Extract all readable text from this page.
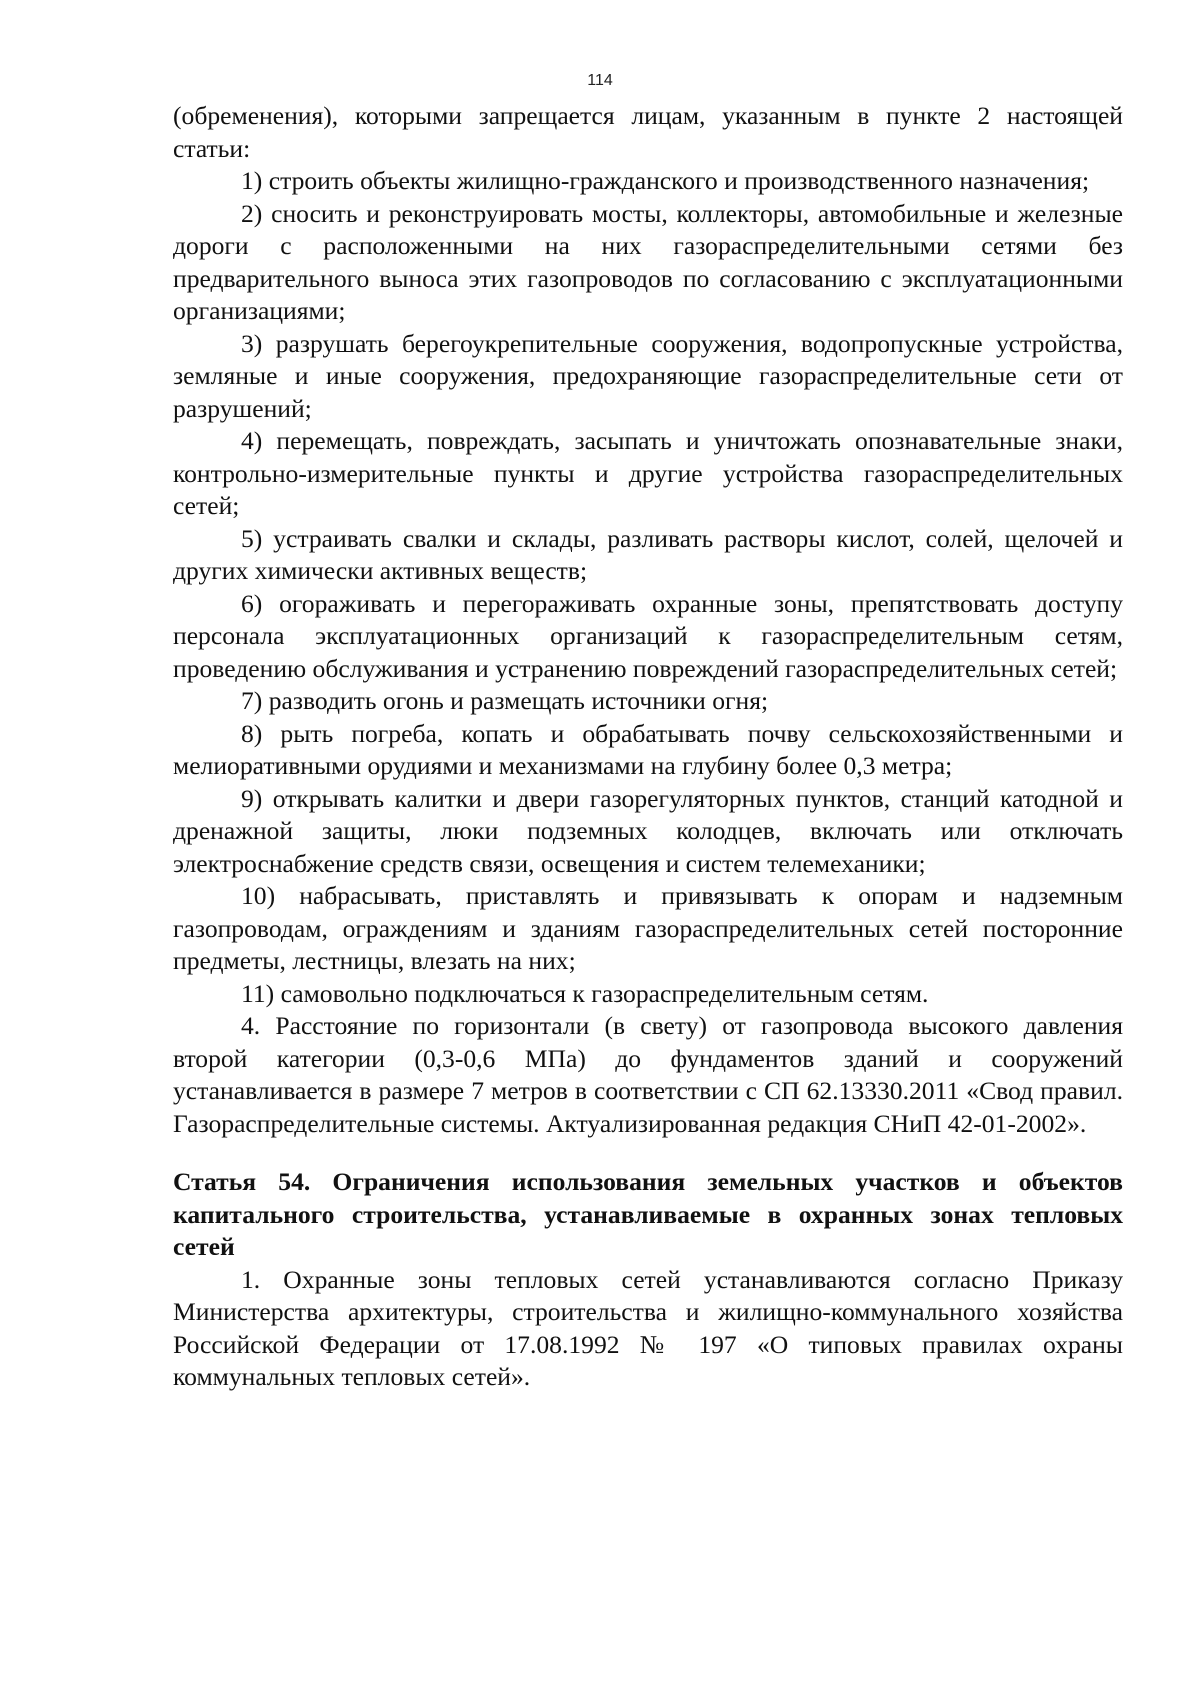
114

(обременения), которыми запрещается лицам, указанным в пункте 2 настоящей статьи:

1) строить объекты жилищно-гражданского и производственного назначения;

2) сносить и реконструировать мосты, коллекторы, автомобильные и железные дороги с расположенными на них газораспределительными сетями без предварительного выноса этих газопроводов по согласованию с эксплуатационными организациями;

3) разрушать берегоукрепительные сооружения, водопропускные устройства, земляные и иные сооружения, предохраняющие газораспределительные сети от разрушений;

4) перемещать, повреждать, засыпать и уничтожать опознавательные знаки, контрольно-измерительные пункты и другие устройства газораспределительных сетей;

5) устраивать свалки и склады, разливать растворы кислот, солей, щелочей и других химически активных веществ;

6) огораживать и перегораживать охранные зоны, препятствовать доступу персонала эксплуатационных организаций к газораспределительным сетям, проведению обслуживания и устранению повреждений газораспределительных сетей;

7) разводить огонь и размещать источники огня;

8) рыть погреба, копать и обрабатывать почву сельскохозяйственными и мелиоративными орудиями и механизмами на глубину более 0,3 метра;

9) открывать калитки и двери газорегуляторных пунктов, станций катодной и дренажной защиты, люки подземных колодцев, включать или отключать электроснабжение средств связи, освещения и систем телемеханики;

10) набрасывать, приставлять и привязывать к опорам и надземным газопроводам, ограждениям и зданиям газораспределительных сетей посторонние предметы, лестницы, влезать на них;

11) самовольно подключаться к газораспределительным сетям.

4. Расстояние по горизонтали (в свету) от газопровода высокого давления второй категории (0,3-0,6 МПа) до фундаментов зданий и сооружений устанавливается в размере 7 метров в соответствии с СП 62.13330.2011 «Свод правил. Газораспределительные системы. Актуализированная редакция СНиП 42-01-2002».

Статья 54. Ограничения использования земельных участков и объектов капитального строительства, устанавливаемые в охранных зонах тепловых сетей

1. Охранные зоны тепловых сетей устанавливаются согласно Приказу Министерства архитектуры, строительства и жилищно-коммунального хозяйства Российской Федерации от 17.08.1992 № 197 «О типовых правилах охраны коммунальных тепловых сетей».
